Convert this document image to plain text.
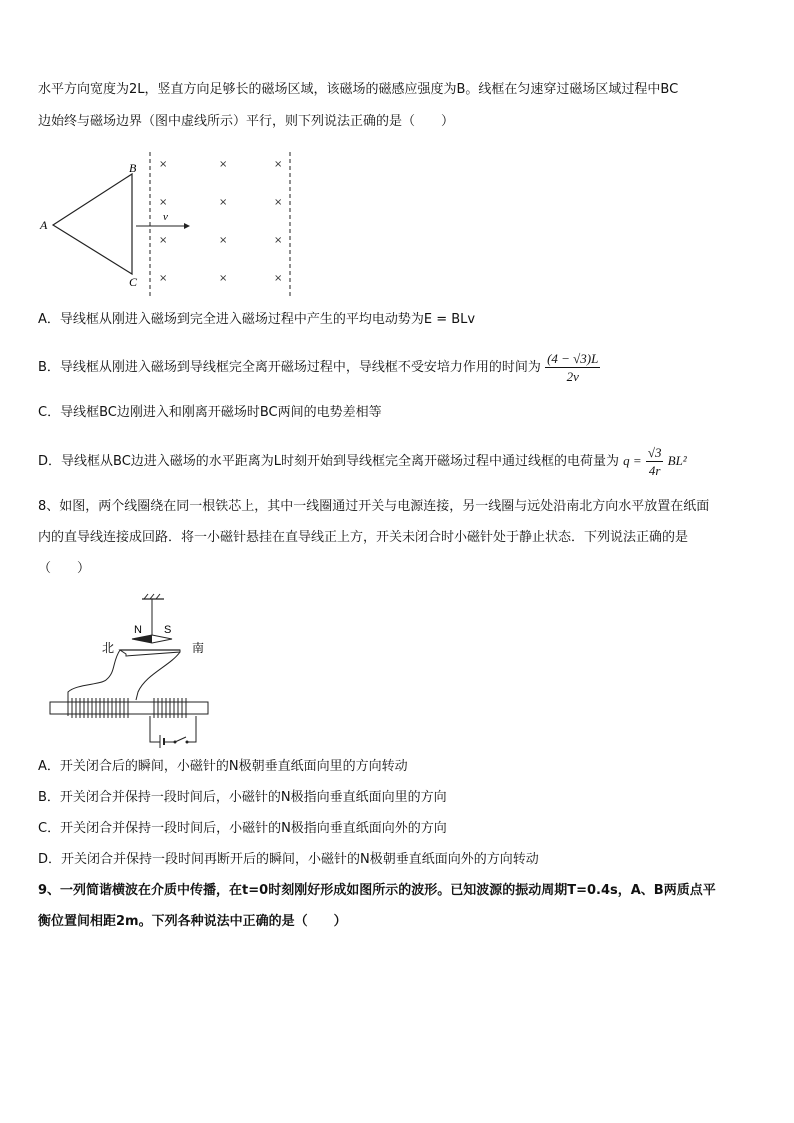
水平方向宽度为2L，竖直方向足够长的磁场区域，该磁场的磁感应强度为B。线框在匀速穿过磁场区域过程中BC
边始终与磁场边界（图中虚线所示）平行，则下列说法正确的是（　　）
A
B
C
v
×	×	×
×	×	×
×	×	×
×	×	×
A．导线框从刚进入磁场到完全进入磁场过程中产生的平均电动势为E = BLv
B．导线框从刚进入磁场到导线框完全离开磁场过程中，导线框不受安培力作用的时间为 $\frac{(4 - √3)L}{2v}$
C．导线框BC边刚进入和刚离开磁场时BC两间的电势差相等
D．导线框从BC边进入磁场的水平距离为L时刻开始到导线框完全离开磁场过程中通过线框的电荷量为 $q = \frac{√3}{4r} BL^2$
8、如图，两个线圈绕在同一根铁芯上，其中一线圈通过开关与电源连接，另一线圈与远处沿南北方向水平放置在纸面
内的直导线连接成回路．将一小磁针悬挂在直导线正上方，开关未闭合时小磁针处于静止状态．下列说法正确的是
（　　）
N S
北	南
A．开关闭合后的瞬间，小磁针的N极朝垂直纸面向里的方向转动
B．开关闭合并保持一段时间后，小磁针的N极指向垂直纸面向里的方向
C．开关闭合并保持一段时间后，小磁针的N极指向垂直纸面向外的方向
D．开关闭合并保持一段时间再断开后的瞬间，小磁针的N极朝垂直纸面向外的方向转动
9、一列简谐横波在介质中传播，在t=0时刻刚好形成如图所示的波形。已知波源的振动周期T=0.4s，A、B两质点平
衡位置间相距2m。下列各种说法中正确的是（　　）
